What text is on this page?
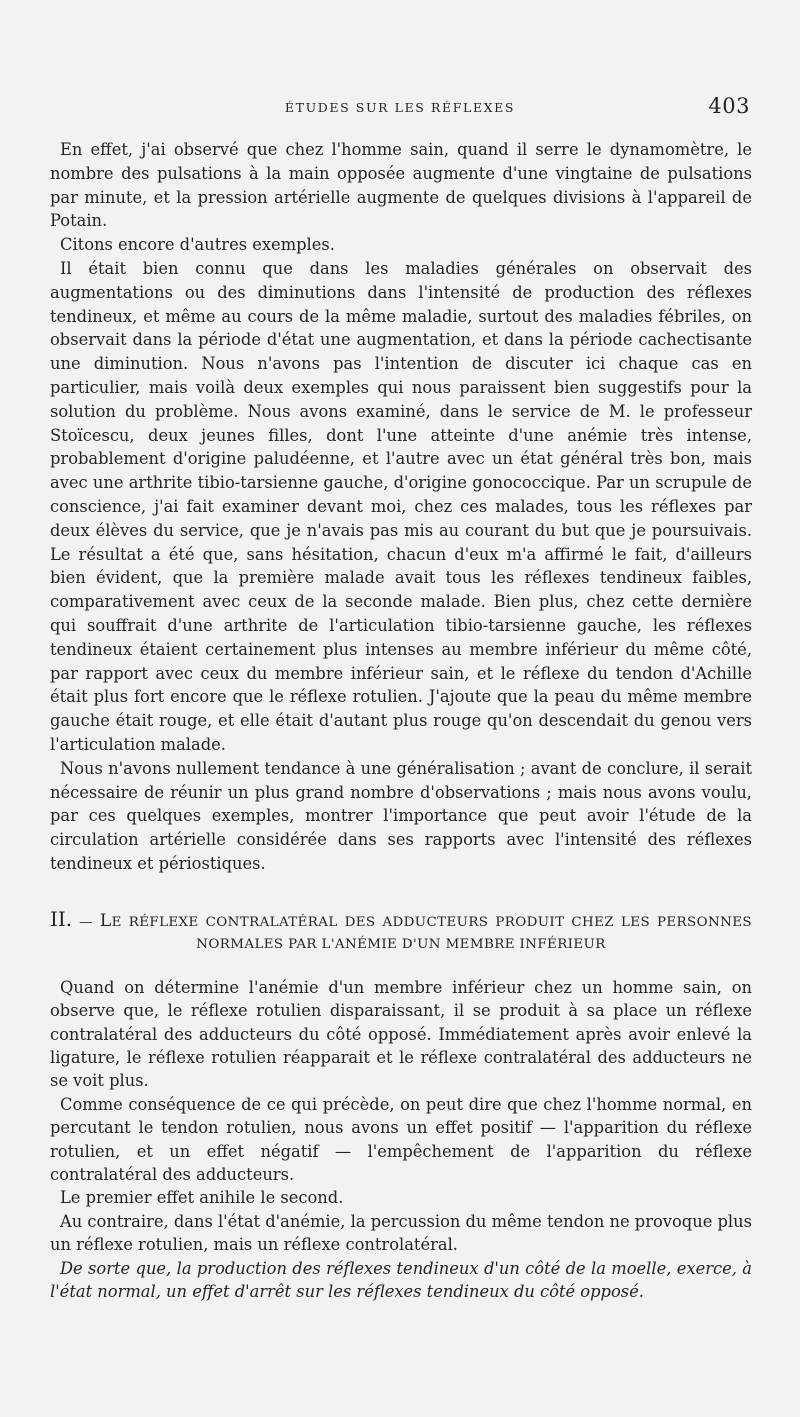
ÉTUDES SUR LES RÉFLEXES	403

En effet, j'ai observé que chez l'homme sain, quand il serre le dynamomètre, le nombre des pulsations à la main opposée augmente d'une vingtaine de pulsations par minute, et la pression artérielle augmente de quelques divisions à l'appareil de Potain.

Citons encore d'autres exemples.

Il était bien connu que dans les maladies générales on observait des augmentations ou des diminutions dans l'intensité de production des réflexes tendineux, et même au cours de la même maladie, surtout des maladies fébriles, on observait dans la période d'état une augmentation, et dans la période cachectisante une diminution. Nous n'avons pas l'intention de discuter ici chaque cas en particulier, mais voilà deux exemples qui nous paraissent bien suggestifs pour la solution du problème. Nous avons examiné, dans le service de M. le professeur Stoïcescu, deux jeunes filles, dont l'une atteinte d'une anémie très intense, probablement d'origine paludéenne, et l'autre avec un état général très bon, mais avec une arthrite tibio-tarsienne gauche, d'origine gonococcique. Par un scrupule de conscience, j'ai fait examiner devant moi, chez ces malades, tous les réflexes par deux élèves du service, que je n'avais pas mis au courant du but que je poursuivais. Le résultat a été que, sans hésitation, chacun d'eux m'a affirmé le fait, d'ailleurs bien évident, que la première malade avait tous les réflexes tendineux faibles, comparativement avec ceux de la seconde malade. Bien plus, chez cette dernière qui souffrait d'une arthrite de l'articulation tibio-tarsienne gauche, les réflexes tendineux étaient certainement plus intenses au membre inférieur du même côté, par rapport avec ceux du membre inférieur sain, et le réflexe du tendon d'Achille était plus fort encore que le réflexe rotulien. J'ajoute que la peau du même membre gauche était rouge, et elle était d'autant plus rouge qu'on descendait du genou vers l'articulation malade.

Nous n'avons nullement tendance à une généralisation ; avant de conclure, il serait nécessaire de réunir un plus grand nombre d'observations ; mais nous avons voulu, par ces quelques exemples, montrer l'importance que peut avoir l'étude de la circulation artérielle considérée dans ses rapports avec l'intensité des réflexes tendineux et périostiques.

II. — LE RÉFLEXE CONTRALATÉRAL DES ADDUCTEURS PRODUIT CHEZ LES PERSONNES NORMALES PAR L'ANÉMIE D'UN MEMBRE INFÉRIEUR

Quand on détermine l'anémie d'un membre inférieur chez un homme sain, on observe que, le réflexe rotulien disparaissant, il se produit à sa place un réflexe contralatéral des adducteurs du côté opposé. Immédiatement après avoir enlevé la ligature, le réflexe rotulien réapparait et le réflexe contralatéral des adducteurs ne se voit plus.

Comme conséquence de ce qui précède, on peut dire que chez l'homme normal, en percutant le tendon rotulien, nous avons un effet positif — l'apparition du réflexe rotulien, et un effet négatif — l'empêchement de l'apparition du réflexe contralatéral des adducteurs.

Le premier effet anihile le second.

Au contraire, dans l'état d'anémie, la percussion du même tendon ne provoque plus un réflexe rotulien, mais un réflexe controlatéral.

De sorte que, la production des réflexes tendineux d'un côté de la moelle, exerce, à l'état normal, un effet d'arrêt sur les réflexes tendineux du côté opposé.
